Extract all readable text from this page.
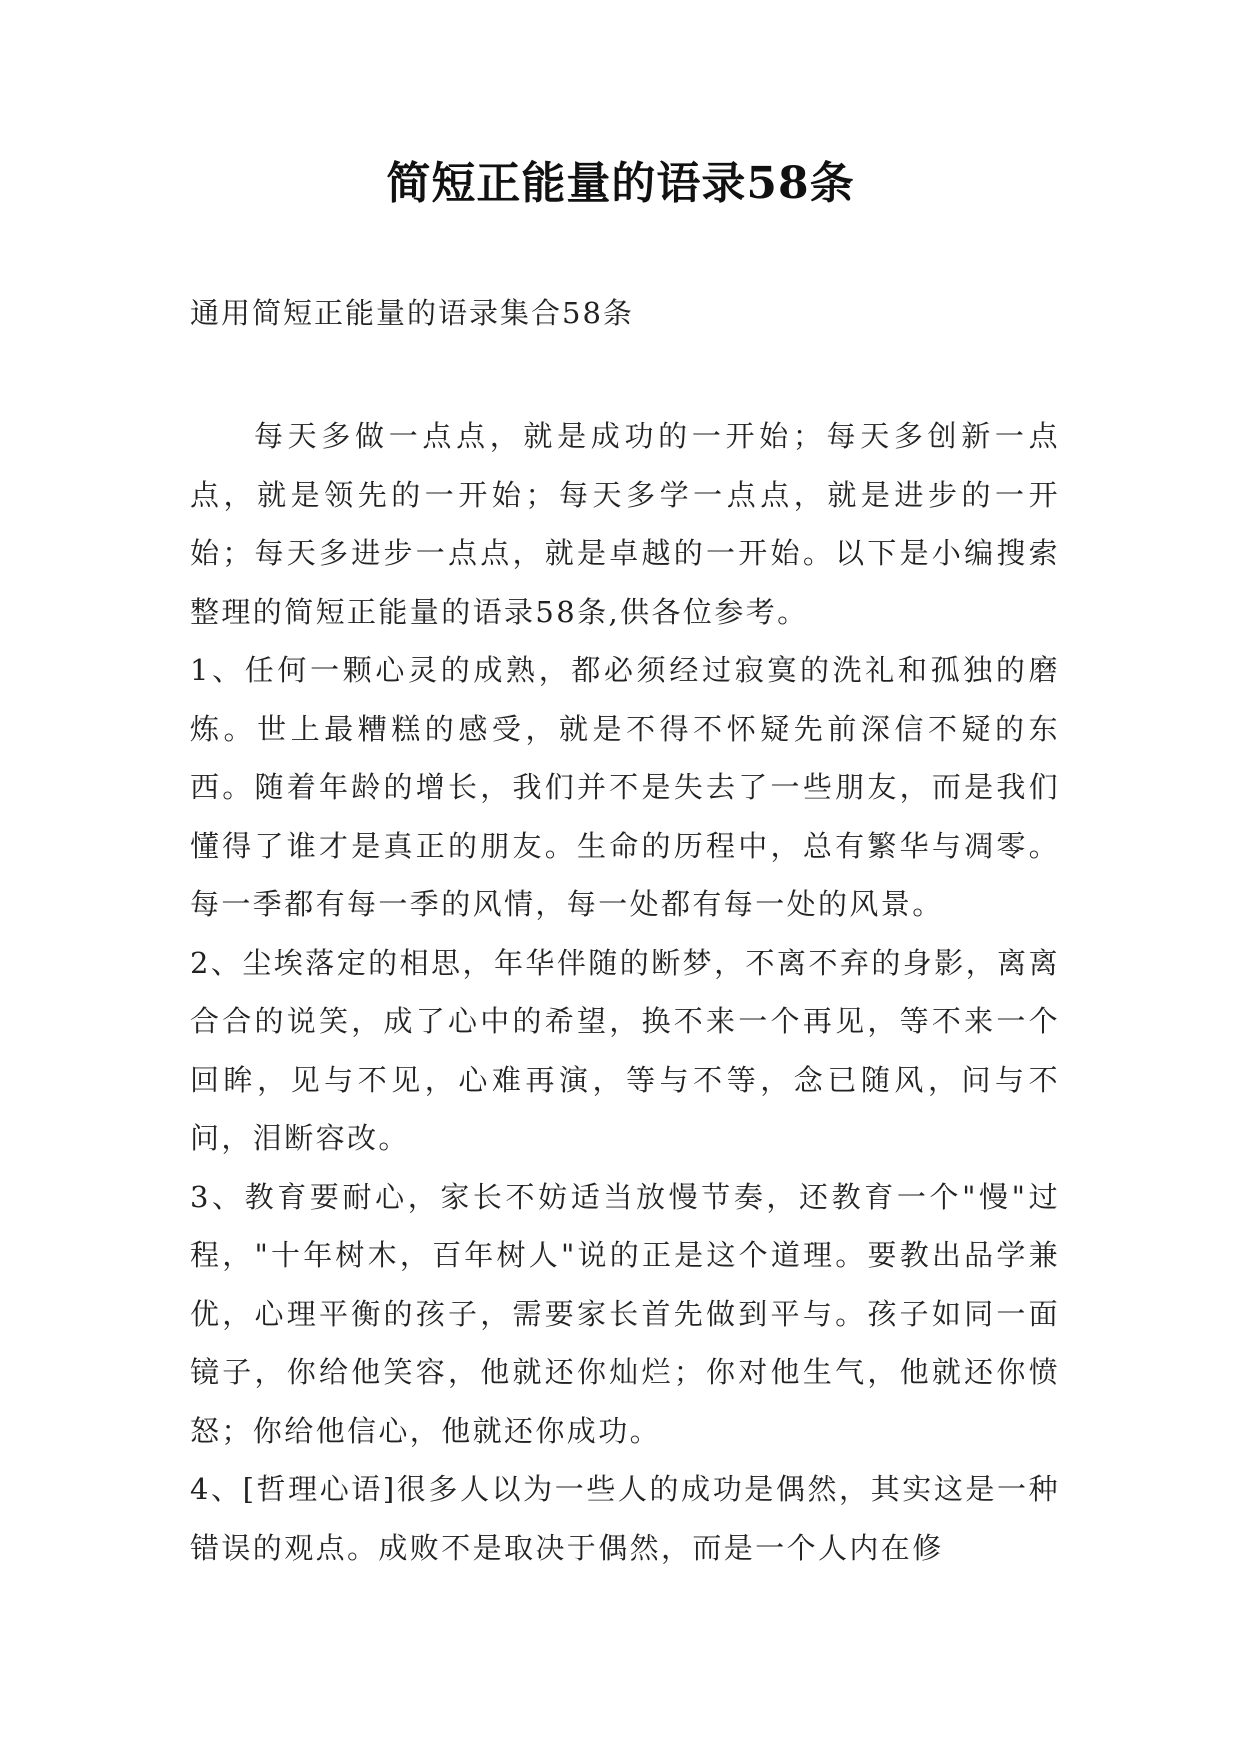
简短正能量的语录58条

通用简短正能量的语录集合58条

每天多做一点点，就是成功的一开始；每天多创新一点点，就是领先的一开始；每天多学一点点，就是进步的一开始；每天多进步一点点，就是卓越的一开始。以下是小编搜索整理的简短正能量的语录58条,供各位参考。

1、任何一颗心灵的成熟，都必须经过寂寞的洗礼和孤独的磨炼。世上最糟糕的感受，就是不得不怀疑先前深信不疑的东西。随着年龄的增长，我们并不是失去了一些朋友，而是我们懂得了谁才是真正的朋友。生命的历程中，总有繁华与凋零。每一季都有每一季的风情，每一处都有每一处的风景。

2、尘埃落定的相思，年华伴随的断梦，不离不弃的身影，离离合合的说笑，成了心中的希望，换不来一个再见，等不来一个回眸，见与不见，心难再演，等与不等，念已随风，问与不问，泪断容改。

3、教育要耐心，家长不妨适当放慢节奏，还教育一个"慢"过程，"十年树木，百年树人"说的正是这个道理。要教出品学兼优，心理平衡的孩子，需要家长首先做到平与。孩子如同一面镜子，你给他笑容，他就还你灿烂；你对他生气，他就还你愤怒；你给他信心，他就还你成功。

4、[哲理心语]很多人以为一些人的成功是偶然，其实这是一种错误的观点。成败不是取决于偶然，而是一个人内在修
